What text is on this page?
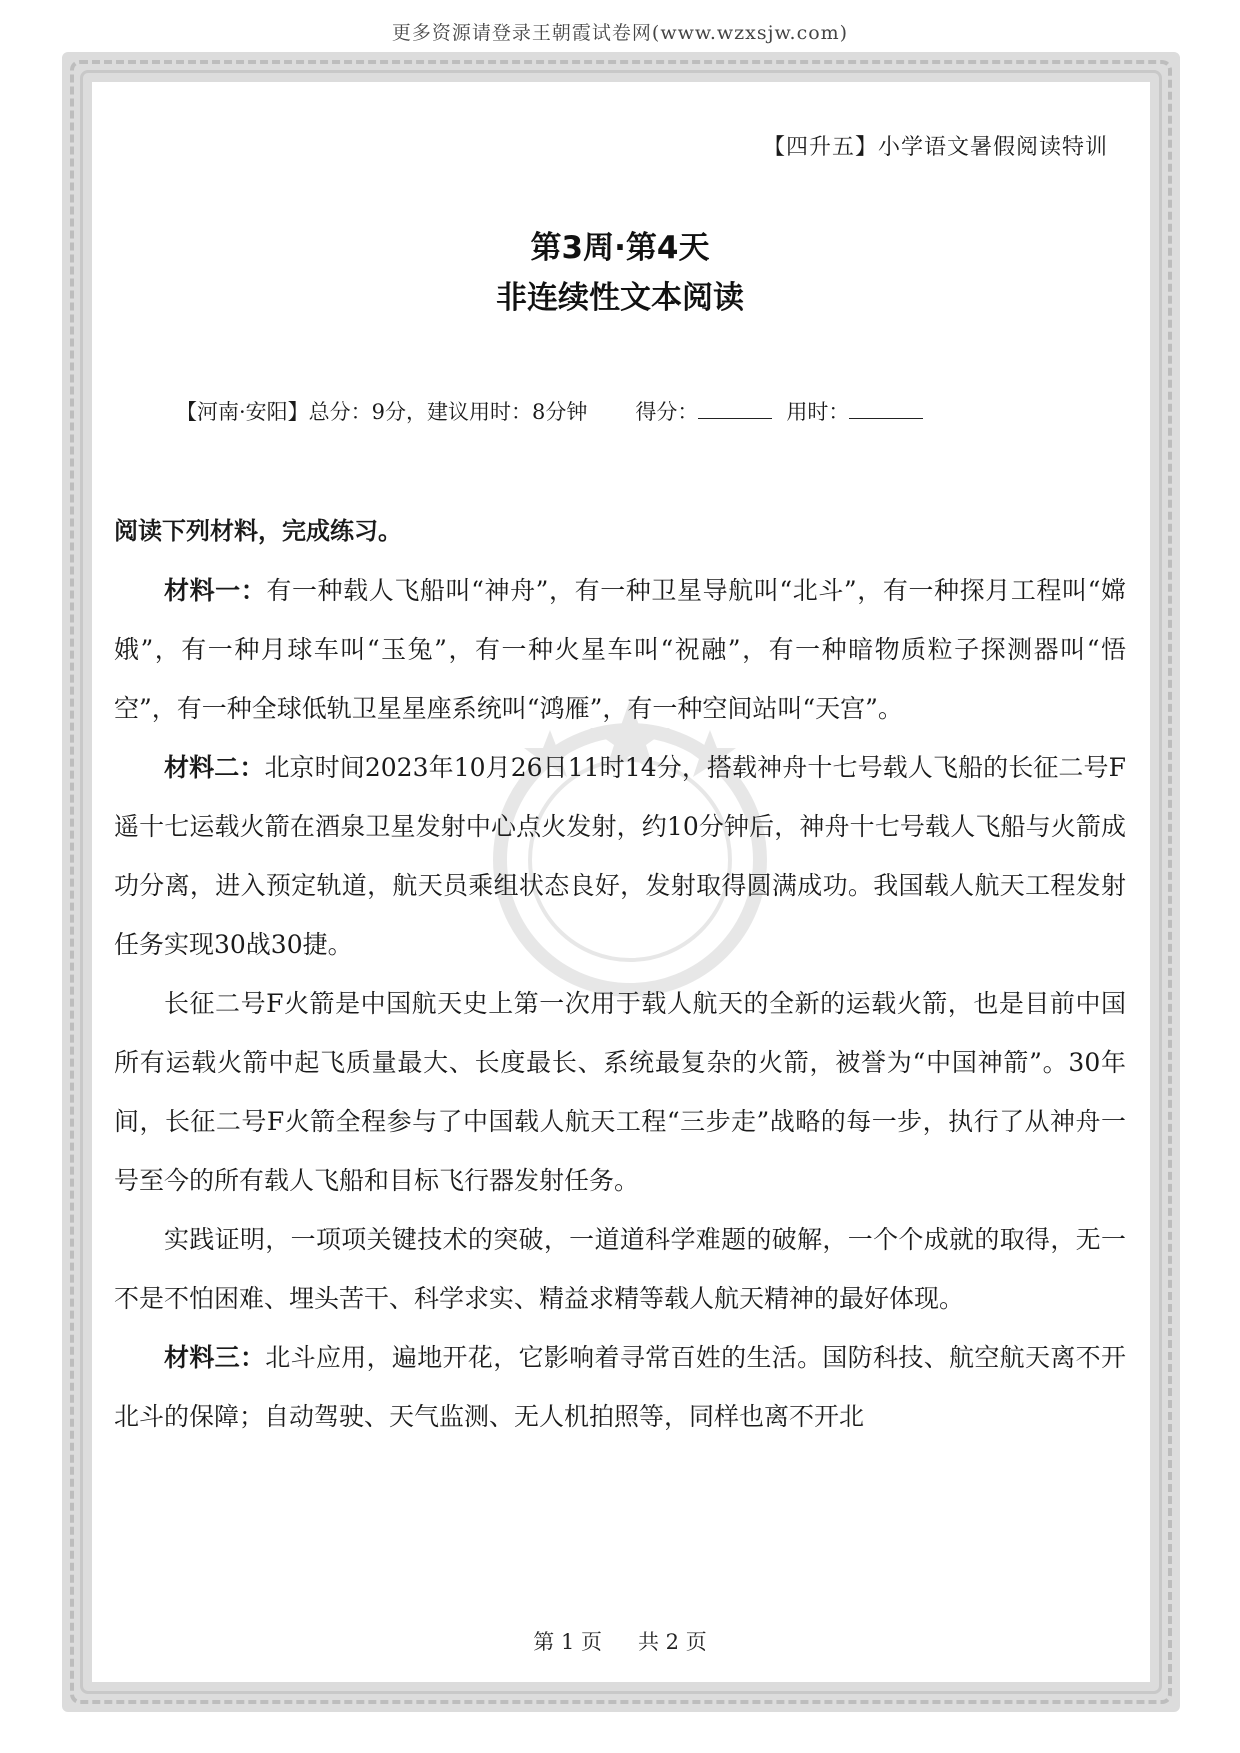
更多资源请登录王朝霞试卷网(www.wzxsjw.com)
【四升五】小学语文暑假阅读特训
第3周·第4天
非连续性文本阅读
【河南·安阳】总分：9分，建议用时：8分钟 得分：	用时：

阅读下列材料，完成练习。

材料一：有一种载人飞船叫“神舟”，有一种卫星导航叫“北斗”，有一种探月工程叫“嫦娥”，有一种月球车叫“玉兔”，有一种火星车叫“祝融”，有一种暗物质粒子探测器叫“悟空”，有一种全球低轨卫星星座系统叫“鸿雁”，有一种空间站叫“天宫”。

材料二：北京时间2023年10月26日11时14分，搭载神舟十七号载人飞船的长征二号F遥十七运载火箭在酒泉卫星发射中心点火发射，约10分钟后，神舟十七号载人飞船与火箭成功分离，进入预定轨道，航天员乘组状态良好，发射取得圆满成功。我国载人航天工程发射任务实现30战30捷。

长征二号F火箭是中国航天史上第一次用于载人航天的全新的运载火箭，也是目前中国所有运载火箭中起飞质量最大、长度最长、系统最复杂的火箭，被誉为“中国神箭”。30年间，长征二号F火箭全程参与了中国载人航天工程“三步走”战略的每一步，执行了从神舟一号至今的所有载人飞船和目标飞行器发射任务。

实践证明，一项项关键技术的突破，一道道科学难题的破解，一个个成就的取得，无一不是不怕困难、埋头苦干、科学求实、精益求精等载人航天精神的最好体现。

材料三：北斗应用，遍地开花，它影响着寻常百姓的生活。国防科技、航空航天离不开北斗的保障；自动驾驶、天气监测、无人机拍照等，同样也离不开北

第 1 页 共 2 页
